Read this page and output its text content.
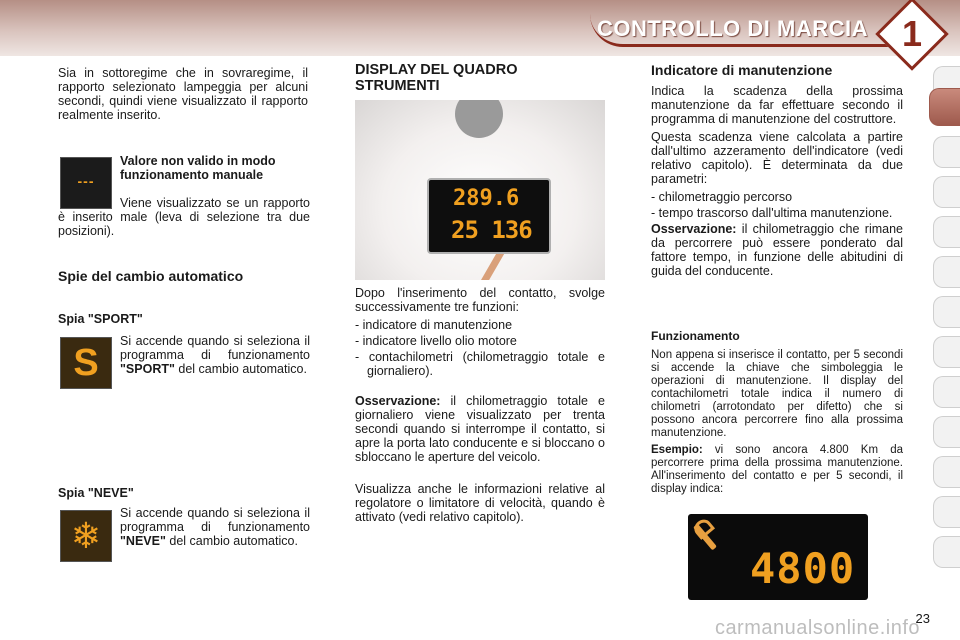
CONTROLLO DI MARCIA 1

Sia in sottoregime che in sovraregime, il rapporto selezionato lampeggia per alcuni secondi, quindi viene visualizzato il rapporto realmente inserito.

---

Valore non valido in modo funzionamento manuale

Viene visualizzato se un rapporto è inserito male (leva di selezione tra due posizioni).

Spie del cambio automatico
Spia "SPORT"
S

Si accende quando si seleziona il programma di funzionamento "SPORT" del cambio automatico.

Spia "NEVE"
❄

Si accende quando si seleziona il programma di funzionamento "NEVE" del cambio automatico.

DISPLAY DEL QUADRO STRUMENTI
289.6
25 136

Dopo l'inserimento del contatto, svolge successivamente tre funzioni:

- indicatore di manutenzione

- indicatore livello olio motore

- contachilometri (chilometraggio totale e giornaliero).

Osservazione: il chilometraggio totale e giornaliero viene visualizzato per trenta secondi quando si interrompe il contatto, si apre la porta lato conducente e si bloccano o sbloccano le aperture del veicolo.

Visualizza anche le informazioni relative al regolatore o limitatore di velocità, quando è attivato (vedi relativo capitolo).

Indicatore di manutenzione

Indica la scadenza della prossima manutenzione da far effettuare secondo il programma di manutenzione del costruttore.

Questa scadenza viene calcolata a partire dall'ultimo azzeramento dell'indicatore (vedi relativo capitolo). È determinata da due parametri:

- chilometraggio percorso

- tempo trascorso dall'ultima manutenzione.

Osservazione: il chilometraggio che rimane da percorrere può essere ponderato dal fattore tempo, in funzione delle abitudini di guida del conducente.

Funzionamento

Non appena si inserisce il contatto, per 5 secondi si accende la chiave che simboleggia le operazioni di manutenzione. Il display del contachilometri totale indica il numero di chilometri (arrotondato per difetto) che si possono ancora percorrere fino alla prossima manutenzione.

Esempio: vi sono ancora 4.800 Km da percorrere prima della prossima manutenzione. All'inserimento del contatto e per 5 secondi, il display indica:

4800
23
carmanualsonline.info
